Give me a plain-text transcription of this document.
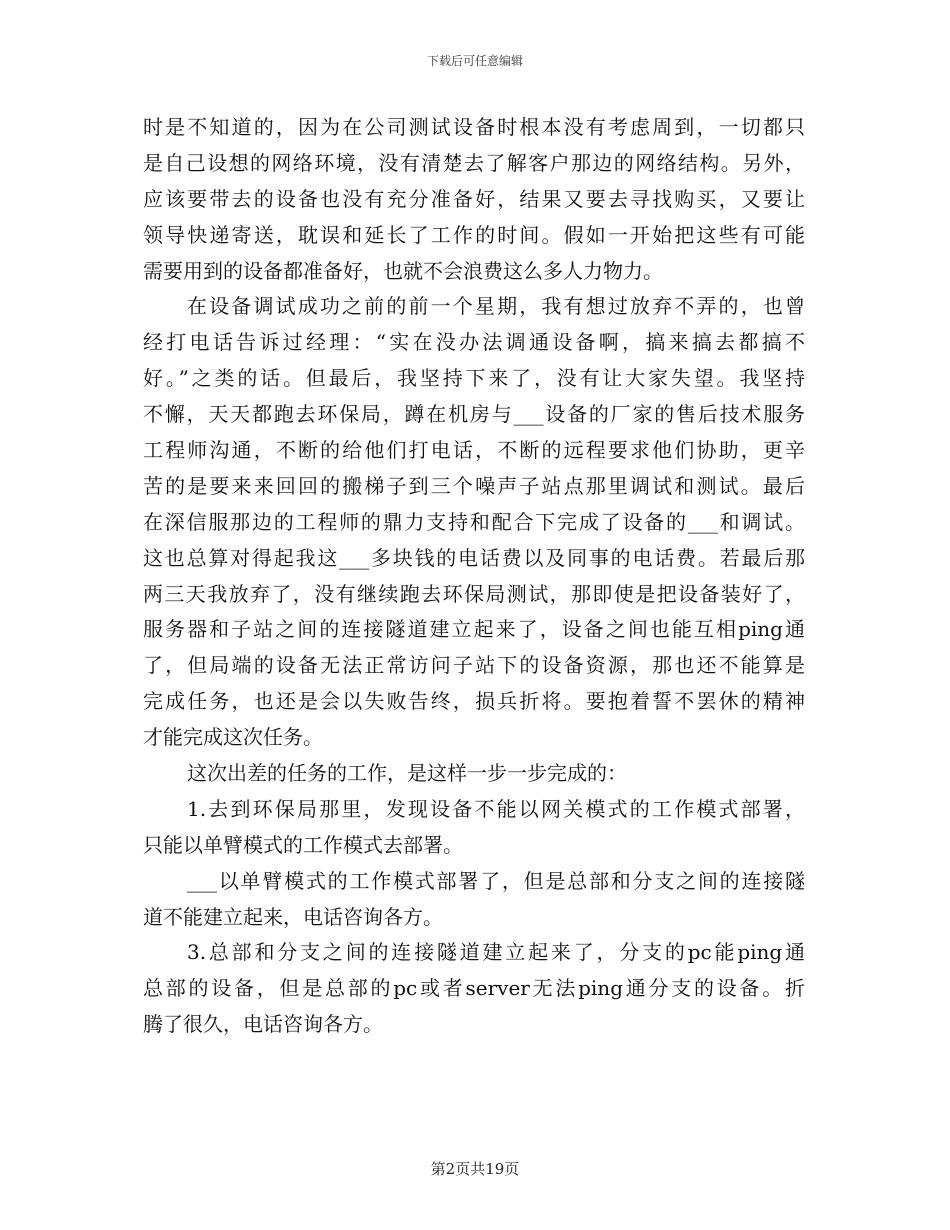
下载后可任意编辑
时是不知道的，因为在公司测试设备时根本没有考虑周到，一切都只
是自己设想的网络环境，没有清楚去了解客户那边的网络结构。另外，
应该要带去的设备也没有充分准备好，结果又要去寻找购买，又要让
领导快递寄送，耽误和延长了工作的时间。假如一开始把这些有可能
需要用到的设备都准备好，也就不会浪费这么多人力物力。
在设备调试成功之前的前一个星期，我有想过放弃不弄的，也曾
经打电话告诉过经理：“实在没办法调通设备啊，搞来搞去都搞不
好。”之类的话。但最后，我坚持下来了，没有让大家失望。我坚持
不懈，天天都跑去环保局，蹲在机房与___设备的厂家的售后技术服务
工程师沟通，不断的给他们打电话，不断的远程要求他们协助，更辛
苦的是要来来回回的搬梯子到三个噪声子站点那里调试和测试。最后
在深信服那边的工程师的鼎力支持和配合下完成了设备的___和调试。
这也总算对得起我这___多块钱的电话费以及同事的电话费。若最后那
两三天我放弃了，没有继续跑去环保局测试，那即使是把设备装好了，
服务器和子站之间的连接隧道建立起来了，设备之间也能互相ping通
了，但局端的设备无法正常访问子站下的设备资源，那也还不能算是
完成任务，也还是会以失败告终，损兵折将。要抱着誓不罢休的精神
才能完成这次任务。
这次出差的任务的工作，是这样一步一步完成的：
1.去到环保局那里，发现设备不能以网关模式的工作模式部署，
只能以单臂模式的工作模式去部署。
___以单臂模式的工作模式部署了，但是总部和分支之间的连接隧
道不能建立起来，电话咨询各方。
3.总部和分支之间的连接隧道建立起来了，分支的pc能ping通
总部的设备，但是总部的pc或者server无法ping通分支的设备。折
腾了很久，电话咨询各方。
第2页共19页
